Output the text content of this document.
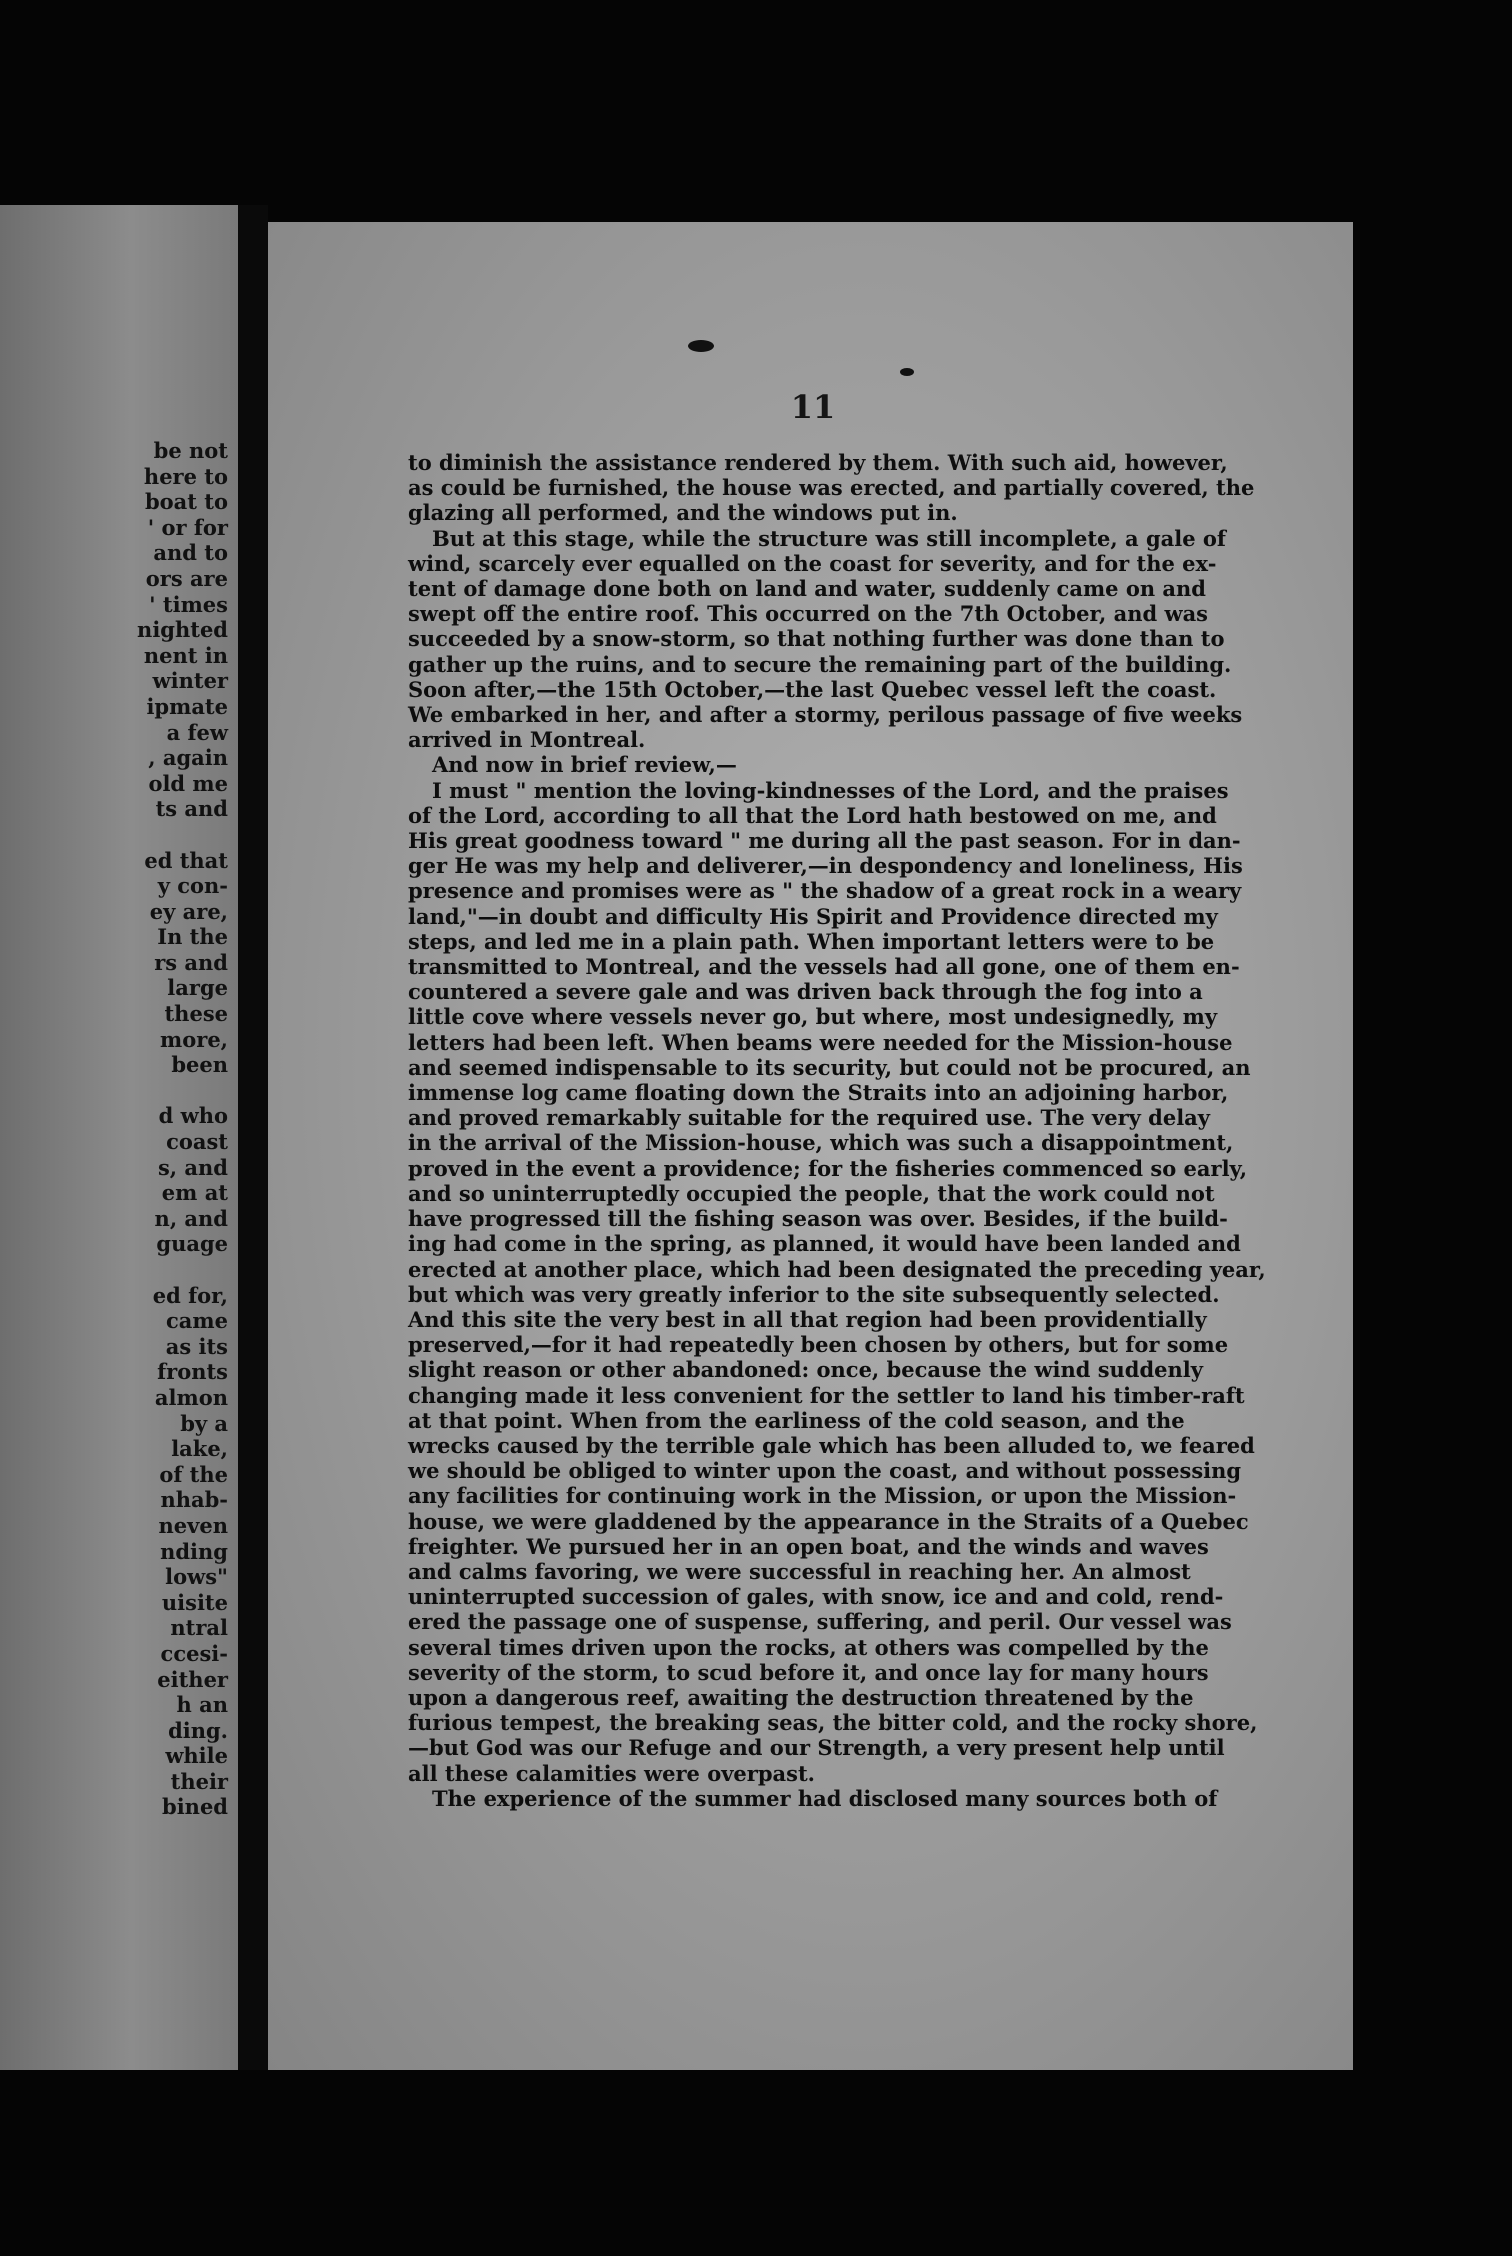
be not
here to
boat to
' or for
and to
ors are
' times
nighted
nent in
winter
ipmate
a few
, again
old me
ts and

ed that
y con-
ey are,
In the
rs and
large
these
more,
been

d who
coast
s, and
em at
n, and
guage

ed for,
came
as its
fronts
almon
by a
lake,
of the
nhab-
neven
nding
lows"
uisite
ntral
ccesi-
either
h an
ding.
while
their
bined
11
to diminish the assistance rendered by them. With such aid, however,
as could be furnished, the house was erected, and partially covered, the
glazing all performed, and the windows put in.
But at this stage, while the structure was still incomplete, a gale of
wind, scarcely ever equalled on the coast for severity, and for the ex-
tent of damage done both on land and water, suddenly came on and
swept off the entire roof. This occurred on the 7th October, and was
succeeded by a snow-storm, so that nothing further was done than to
gather up the ruins, and to secure the remaining part of the building.
Soon after,—the 15th October,—the last Quebec vessel left the coast.
We embarked in her, and after a stormy, perilous passage of five weeks
arrived in Montreal.
And now in brief review,—
I must " mention the loving-kindnesses of the Lord, and the praises
of the Lord, according to all that the Lord hath bestowed on me, and
His great goodness toward " me during all the past season. For in dan-
ger He was my help and deliverer,—in despondency and loneliness, His
presence and promises were as " the shadow of a great rock in a weary
land,"—in doubt and difficulty His Spirit and Providence directed my
steps, and led me in a plain path. When important letters were to be
transmitted to Montreal, and the vessels had all gone, one of them en-
countered a severe gale and was driven back through the fog into a
little cove where vessels never go, but where, most undesignedly, my
letters had been left. When beams were needed for the Mission-house
and seemed indispensable to its security, but could not be procured, an
immense log came floating down the Straits into an adjoining harbor,
and proved remarkably suitable for the required use. The very delay
in the arrival of the Mission-house, which was such a disappointment,
proved in the event a providence; for the fisheries commenced so early,
and so uninterruptedly occupied the people, that the work could not
have progressed till the fishing season was over. Besides, if the build-
ing had come in the spring, as planned, it would have been landed and
erected at another place, which had been designated the preceding year,
but which was very greatly inferior to the site subsequently selected.
And this site the very best in all that region had been providentially
preserved,—for it had repeatedly been chosen by others, but for some
slight reason or other abandoned: once, because the wind suddenly
changing made it less convenient for the settler to land his timber-raft
at that point. When from the earliness of the cold season, and the
wrecks caused by the terrible gale which has been alluded to, we feared
we should be obliged to winter upon the coast, and without possessing
any facilities for continuing work in the Mission, or upon the Mission-
house, we were gladdened by the appearance in the Straits of a Quebec
freighter. We pursued her in an open boat, and the winds and waves
and calms favoring, we were successful in reaching her. An almost
uninterrupted succession of gales, with snow, ice and and cold, rend-
ered the passage one of suspense, suffering, and peril. Our vessel was
several times driven upon the rocks, at others was compelled by the
severity of the storm, to scud before it, and once lay for many hours
upon a dangerous reef, awaiting the destruction threatened by the
furious tempest, the breaking seas, the bitter cold, and the rocky shore,
—but God was our Refuge and our Strength, a very present help until
all these calamities were overpast.
The experience of the summer had disclosed many sources both of
